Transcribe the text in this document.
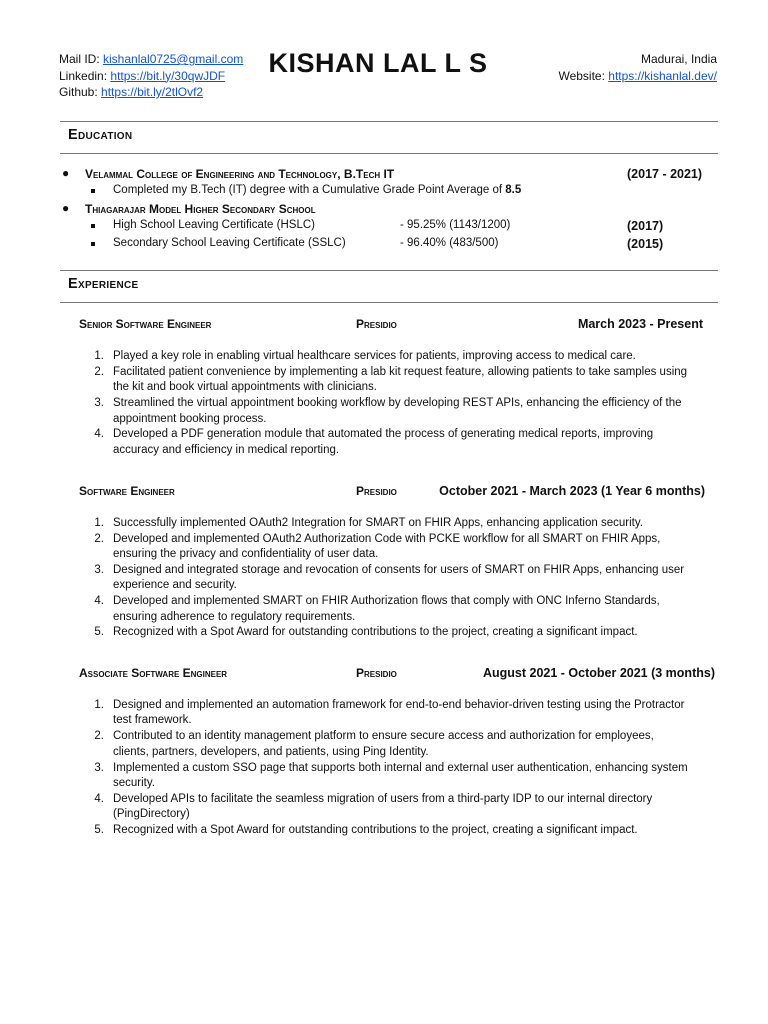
Mail ID: kishanlal0725@gmail.com
Linkedin: https://bit.ly/30qwJDF
Github: https://bit.ly/2tlOvf2
KISHAN LAL L S	Madurai, India
Website: https://kishanlal.dev/
Education
● Velammal College of Engineering and Technology, B.Tech IT	(2017 - 2021)
Completed my B.Tech (IT) degree with a Cumulative Grade Point Average of 8.5
● Thiagarajar Model Higher Secondary School
High School Leaving Certificate (HSLC)	- 95.25% (1143/1200)	(2017)
Secondary School Leaving Certificate (SSLC)	- 96.40% (483/500)	(2015)
Experience
Senior Software Engineer	Presidio	March 2023 - Present
1. Played a key role in enabling virtual healthcare services for patients, improving access to medical care.
2. Facilitated patient convenience by implementing a lab kit request feature, allowing patients to take samples using
the kit and book virtual appointments with clinicians.
3. Streamlined the virtual appointment booking workflow by developing REST APIs, enhancing the efficiency of the
appointment booking process.
4. Developed a PDF generation module that automated the process of generating medical reports, improving
accuracy and efficiency in medical reporting.
Software Engineer	Presidio	October 2021 - March 2023 (1 Year 6 months)
1. Successfully implemented OAuth2 Integration for SMART on FHIR Apps, enhancing application security.
2. Developed and implemented OAuth2 Authorization Code with PCKE workflow for all SMART on FHIR Apps,
ensuring the privacy and confidentiality of user data.
3. Designed and integrated storage and revocation of consents for users of SMART on FHIR Apps, enhancing user
experience and security.
4. Developed and implemented SMART on FHIR Authorization flows that comply with ONC Inferno Standards,
ensuring adherence to regulatory requirements.
5. Recognized with a Spot Award for outstanding contributions to the project, creating a significant impact.
Associate Software Engineer	Presidio	August 2021 - October 2021 (3 months)
1. Designed and implemented an automation framework for end-to-end behavior-driven testing using the Protractor
test framework.
2. Contributed to an identity management platform to ensure secure access and authorization for employees,
clients, partners, developers, and patients, using Ping Identity.
3. Implemented a custom SSO page that supports both internal and external user authentication, enhancing system
security.
4. Developed APIs to facilitate the seamless migration of users from a third-party IDP to our internal directory
(PingDirectory)
5. Recognized with a Spot Award for outstanding contributions to the project, creating a significant impact.
